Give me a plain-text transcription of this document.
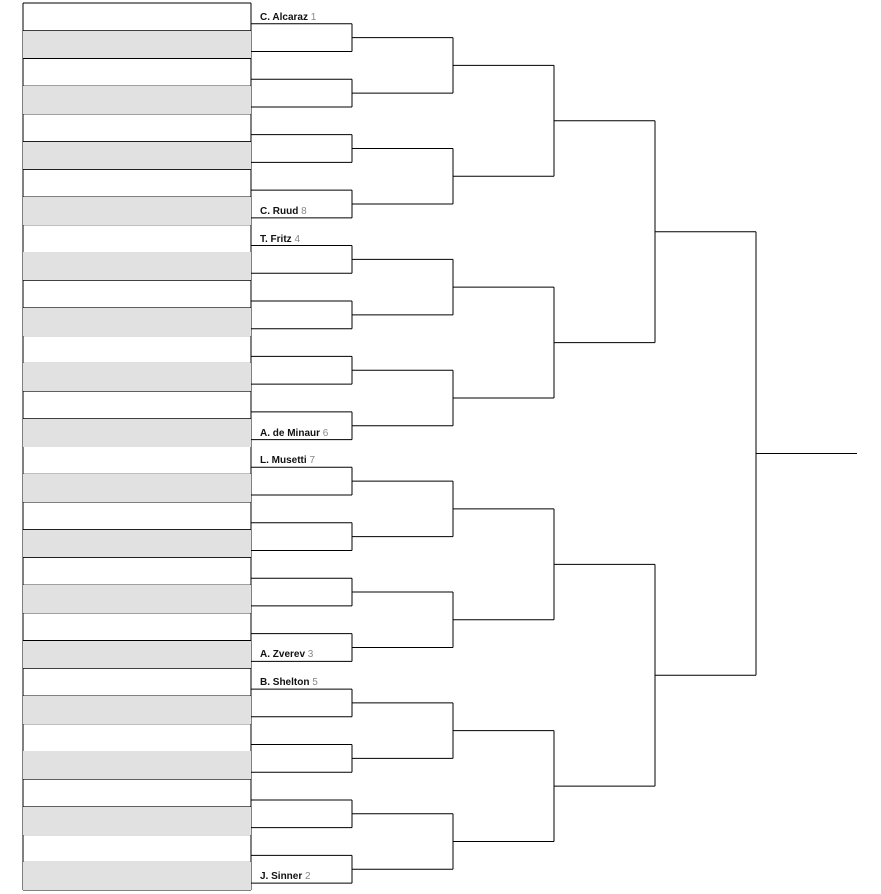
C. Alcaraz 1
C. Ruud 8
T. Fritz 4
A. de Minaur 6
L. Musetti 7
A. Zverev 3
B. Shelton 5
J. Sinner 2
